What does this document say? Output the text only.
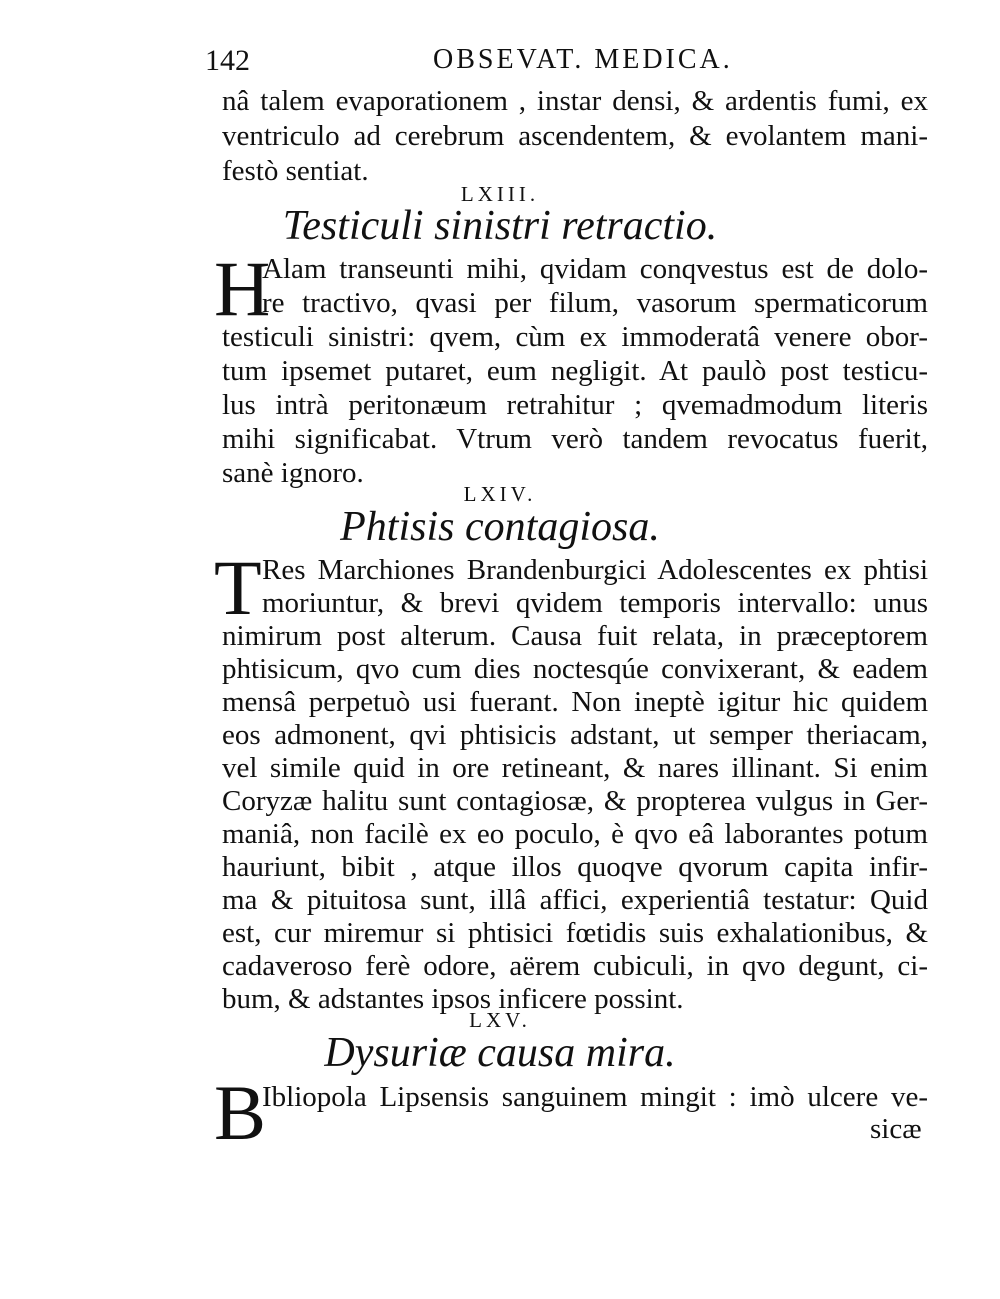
142	OBSEVAT. MEDICA.
nâ talem evaporationem , instar densi, & ardentis fumi, ex
ventriculo ad cerebrum ascendentem, & evolantem mani-
festò sentiat.
LXIII.
Testiculi sinistri retractio.
H
Alam transeunti mihi, qvidam conqvestus est de dolo-
re tractivo, qvasi per filum, vasorum spermaticorum
testiculi sinistri: qvem, cùm ex immoderatâ venere obor-
tum ipsemet putaret, eum negligit. At paulò post testicu-
lus intrà peritonæum retrahitur ; qvemadmodum literis
mihi significabat. Vtrum verò tandem revocatus fuerit,
sanè ignoro.
LXIV.
Phtisis contagiosa.
T Res Marchiones Brandenburgici Adolescentes ex phtisi
moriuntur, & brevi qvidem temporis intervallo: unus
nimirum post alterum. Causa fuit relata, in præceptorem
phtisicum, qvo cum dies noctesqúe convixerant, & eadem
mensâ perpetuò usi fuerant. Non ineptè igitur hic quidem
eos admonent, qvi phtisicis adstant, ut semper theriacam,
vel simile quid in ore retineant, & nares illinant. Si enim
Coryzæ halitu sunt contagiosæ, & propterea vulgus in Ger-
maniâ, non facilè ex eo poculo, è qvo eâ laborantes potum
hauriunt, bibit , atque illos quoqve qvorum capita infir-
ma & pituitosa sunt, illâ affici, experientiâ testatur: Quid
est, cur miremur si phtisici fœtidis suis exhalationibus, &
cadaveroso ferè odore, aërem cubiculi, in qvo degunt, ci-
bum, & adstantes ipsos inficere possint.
LXV.
Dysuriæ causa mira.
B
Ibliopola Lipsensis sanguinem mingit : imò ulcere ve-
sicæ
